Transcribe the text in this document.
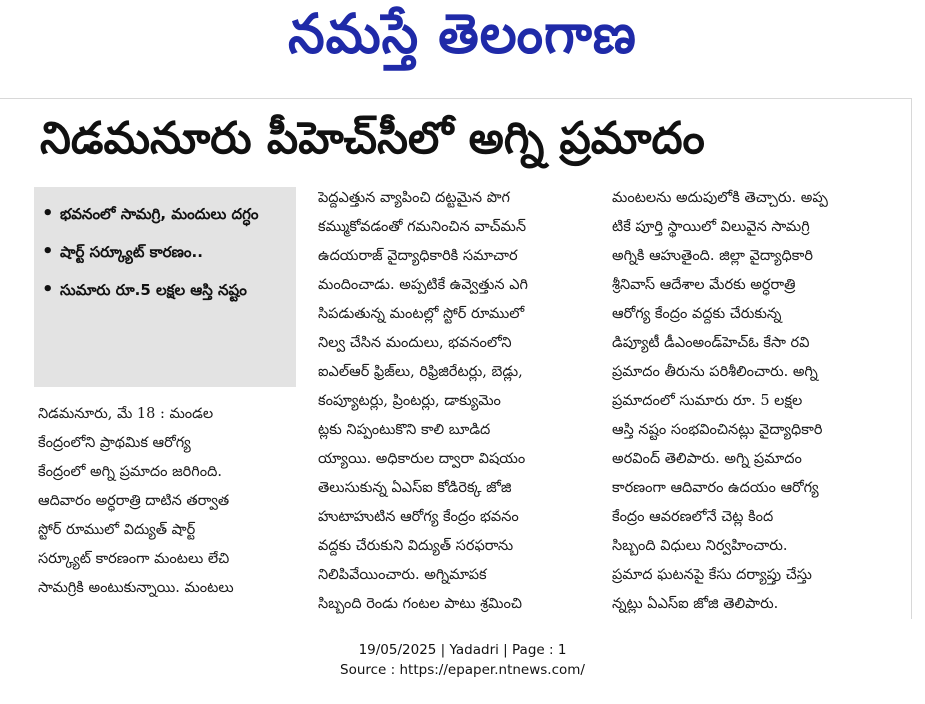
నమస్తే తెలంగాణ
నిడమనూరు పీహెచ్‌సీలో అగ్ని ప్రమాదం
• భవనంలో సామగ్రి, మందులు దగ్ధం
• షార్ట్ సర్క్యూట్ కారణం..
• సుమారు రూ.5 లక్షల ఆస్తి నష్టం
నిడమనూరు, మే 18 : మండల
కేంద్రంలోని ప్రాథమిక ఆరోగ్య
కేంద్రంలో అగ్ని ప్రమాదం జరిగింది.
ఆదివారం అర్ధరాత్రి దాటిన తర్వాత
స్టోర్ రూములో విద్యుత్ షార్ట్
సర్క్యూట్ కారణంగా మంటలు లేచి
సామగ్రికి అంటుకున్నాయి. మంటలు
పెద్దఎత్తున వ్యాపించి దట్టమైన పొగ
కమ్ముకోవడంతో గమనించిన వాచ్‌మన్
ఉదయరాజ్ వైద్యాధికారికి సమాచార
మందించాడు. అప్పటికే ఉవ్వెత్తున ఎగి
సిపడుతున్న మంటల్లో స్టోర్ రూములో
నిల్వ చేసిన మందులు, భవనంలోని
ఐఎల్‌ఆర్ ఫ్రిజ్‌లు, రిఫ్రిజిరేటర్లు, బెడ్లు,
కంప్యూటర్లు, ప్రింటర్లు, డాక్యుమెం
ట్లకు నిప్పంటుకొని కాలి బూడిద
య్యాయి. అధికారుల ద్వారా విషయం
తెలుసుకున్న ఏఎస్‌ఐ కోడిరెక్క జోజి
హుటాహుటిన ఆరోగ్య కేంద్రం భవనం
వద్దకు చేరుకుని విద్యుత్ సరఫరాను
నిలిపివేయించారు. అగ్నిమాపక
సిబ్బంది రెండు గంటల పాటు శ్రమించి
మంటలను అదుపులోకి తెచ్చారు. అప్ప
టికే పూర్తి స్థాయిలో విలువైన సామగ్రి
అగ్నికి ఆహుతైంది. జిల్లా వైద్యాధికారి
శ్రీనివాస్ ఆదేశాల మేరకు అర్ధరాత్రి
ఆరోగ్య కేంద్రం వద్దకు చేరుకున్న
డిప్యూటీ డీఎంఅండ్‌హెచ్‌ఓ కేసా రవి
ప్రమాదం తీరును పరిశీలించారు. అగ్ని
ప్రమాదంలో సుమారు రూ. 5 లక్షల
ఆస్తి నష్టం సంభవించినట్లు వైద్యాధికారి
అరవింద్ తెలిపారు. అగ్ని ప్రమాదం
కారణంగా ఆదివారం ఉదయం ఆరోగ్య
కేంద్రం ఆవరణలోనే చెట్ల కింద
సిబ్బంది విధులు నిర్వహించారు.
ప్రమాద ఘటనపై కేసు దర్యాప్తు చేస్తు
న్నట్లు ఏఎస్‌ఐ జోజి తెలిపారు.
19/05/2025 | Yadadri | Page : 1
Source : https://epaper.ntnews.com/
